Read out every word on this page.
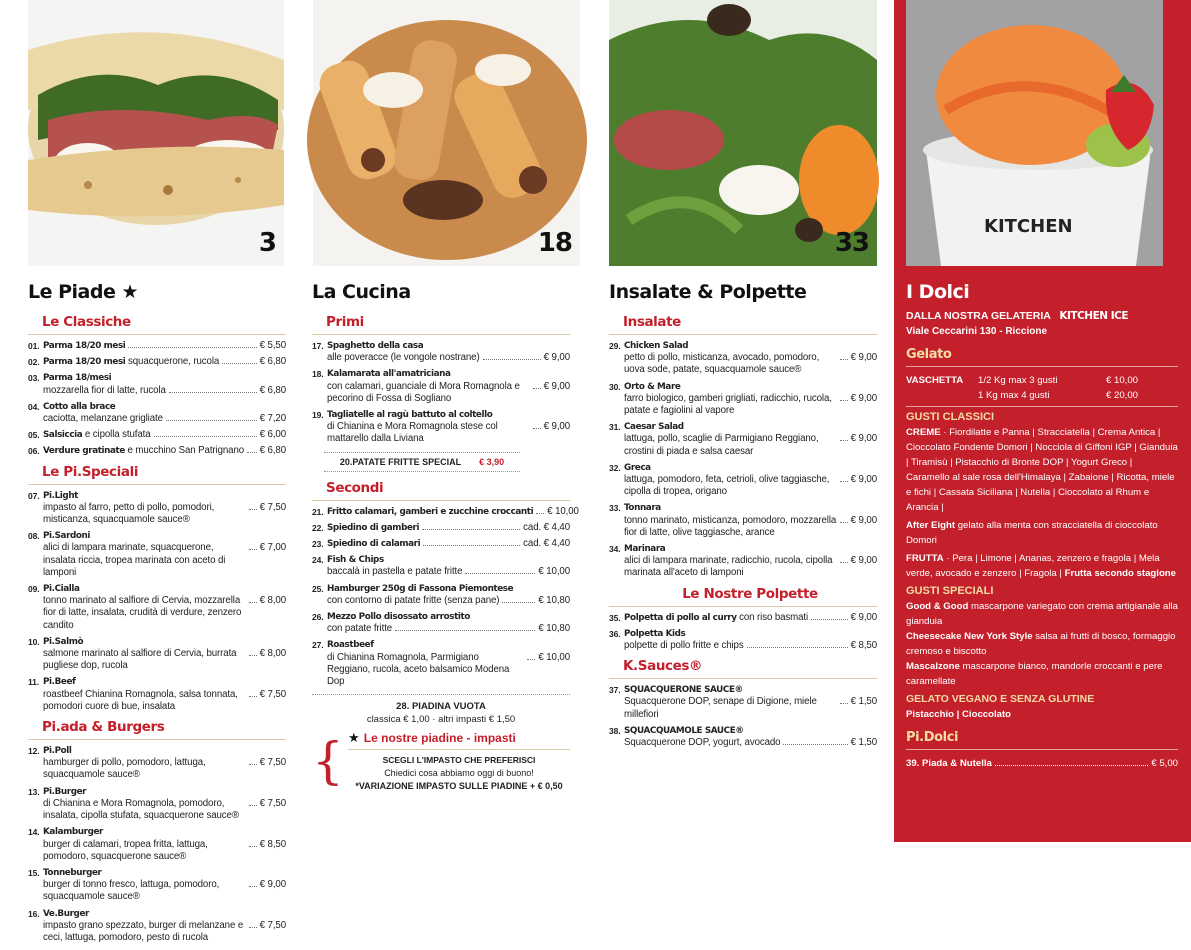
3
Le Piade ★
Le Classiche
01. Parma 18/20 mesi	€ 5,50
02. Parma 18/20 mesi squacquerone, rucola	€ 6,80
03. Parma 18/mesi
mozzarella fior di latte, rucola	€ 6,80
04. Cotto alla brace
caciotta, melanzane grigliate	€ 7,20
05. Salsiccia e cipolla stufata	€ 6,00
06. Verdure gratinate e mucchino San Patrignano € 6,80
Le Pi.Speciali
07. Pi.Light
impasto al farro, petto di pollo, pomodori, misticanza, squacquamole sauce®
€ 7,50
08. Pi.Sardoni
alici di lampara marinate, squacquerone, insalata riccia, tropea marinata con aceto di lamponi
€ 7,00
09. Pi.Cialla
tonno marinato al salfiore di Cervia, mozzarella fior di latte, insalata, crudità di verdure, zenzero candito
€ 8,00
10. Pi.Salmò
salmone marinato al salfiore di Cervia, burrata pugliese dop, rucola
€ 8,00
11. Pi.Beef
roastbeef Chianina Romagnola, salsa tonnata, pomodori cuore di bue, insalata
€ 7,50
Pi.ada & Burgers
12. Pi.Poll
hamburger di pollo, pomodoro, lattuga, squacquamole sauce®
€ 7,50
13. Pi.Burger
di Chianina e Mora Romagnola, pomodoro, insalata, cipolla stufata, squacquerone sauce®
€ 7,50
14. Kalamburger
burger di calamari, tropea fritta, lattuga, pomodoro, squacquerone sauce®
€ 8,50
15. Tonneburger
burger di tonno fresco, lattuga, pomodoro, squacquamole sauce®
€ 9,00
16. Ve.Burger
impasto grano spezzato, burger di melanzane e ceci, lattuga, pomodoro, pesto di rucola
€ 7,50
18
La Cucina
Primi
17. Spaghetto della casa
alle poveracce (le vongole nostrane)	€ 9,00
18. Kalamarata all'amatriciana
con calamari, guanciale di Mora Romagnola e pecorino di Fossa di Sogliano
€ 9,00
19. Tagliatelle al ragù battuto al coltello
di Chianina e Mora Romagnola stese col mattarello dalla Liviana
€ 9,00
20.PATATE FRITTE SPECIAL € 3,90
Secondi
21. Fritto calamari, gamberi e zucchine croccanti € 10,00
22. Spiedino di gamberi	cad. € 4,40
23. Spiedino di calamari	cad. € 4,40
24. Fish & Chips
baccalà in pastella e patate fritte	€ 10,00
25. Hamburger 250g di Fassona Piemontese
con contorno di patate fritte (senza pane)	€ 10,80
26. Mezzo Pollo disossato arrostito
con patate fritte	€ 10,80
27. Roastbeef
di Chianina Romagnola, Parmigiano Reggiano, rucola, aceto balsamico Modena Dop
€ 10,00
28. PIADINA VUOTA
classica € 1,00 · altri impasti € 1,50
{ ★ Le nostre piadine - impasti
SCEGLI L'IMPASTO CHE PREFERISCI
Chiedici cosa abbiamo oggi di buono!
*VARIAZIONE IMPASTO SULLE PIADINE + € 0,50
33
Insalate & Polpette
Insalate
29. Chicken Salad
petto di pollo, misticanza, avocado, pomodoro, uova sode, patate, squacquamole sauce®
€ 9,00
30. Orto & Mare
farro biologico, gamberi grigliati, radicchio, rucola, patate e fagiolini al vapore
€ 9,00
31. Caesar Salad
lattuga, pollo, scaglie di Parmigiano Reggiano, crostini di piada e salsa caesar
€ 9,00
32. Greca
lattuga, pomodoro, feta, cetrioli, olive taggiasche, cipolla di tropea, origano
€ 9,00
33. Tonnara
tonno marinato, misticanza, pomodoro, mozzarella fior di latte, olive taggiasche, arance
€ 9,00
34. Marinara
alici di lampara marinate, radicchio, rucola, cipolla marinata all'aceto di lamponi
€ 9,00
Le Nostre Polpette
35. Polpetta di pollo al curry con riso basmati	€ 9,00
36. Polpetta Kids
polpette di pollo fritte e chips	€ 8,50
K.Sauces®
37. SQUACQUERONE SAUCE®
Squacquerone DOP, senape di Digione, miele millefiori
€ 1,50
38. SQUACQUAMOLE SAUCE®
Squacquerone DOP, yogurt, avocado	€ 1,50
KITCHEN
I Dolci
DALLA NOSTRA GELATERIA KITCHEN ICE
Viale Ceccarini 130 - Riccione
Gelato
VASCHETTA	1/2 Kg max 3 gusti	€ 10,00
1 Kg max 4 gusti	€ 20,00
GUSTI CLASSICI
CREME · Fiordilatte e Panna | Stracciatella | Crema Antica | Cioccolato Fondente Domori | Nocciola di Giffoni IGP | Gianduia | Tiramisù | Pistacchio di Bronte DOP | Yogurt Greco | Caramello al sale rosa dell'Himalaya | Zabaione | Ricotta, miele e fichi | Cassata Siciliana | Nutella | Cioccolato al Rhum e Arancia |
After Eight gelato alla menta con stracciatella di cioccolato Domori
FRUTTA · Pera | Limone | Ananas, zenzero e fragola | Mela verde, avocado e zenzero | Fragola | Frutta secondo stagione
GUSTI SPECIALI
Good & Good mascarpone variegato con crema artigianale alla gianduia
Cheesecake New York Style salsa ai frutti di bosco, formaggio cremoso e biscotto
Mascalzone mascarpone bianco, mandorle croccanti e pere caramellate
GELATO VEGANO E SENZA GLUTINE
Pistacchio | Cioccolato
Pi.Dolci
39. Piada & Nutella	€ 5,00
